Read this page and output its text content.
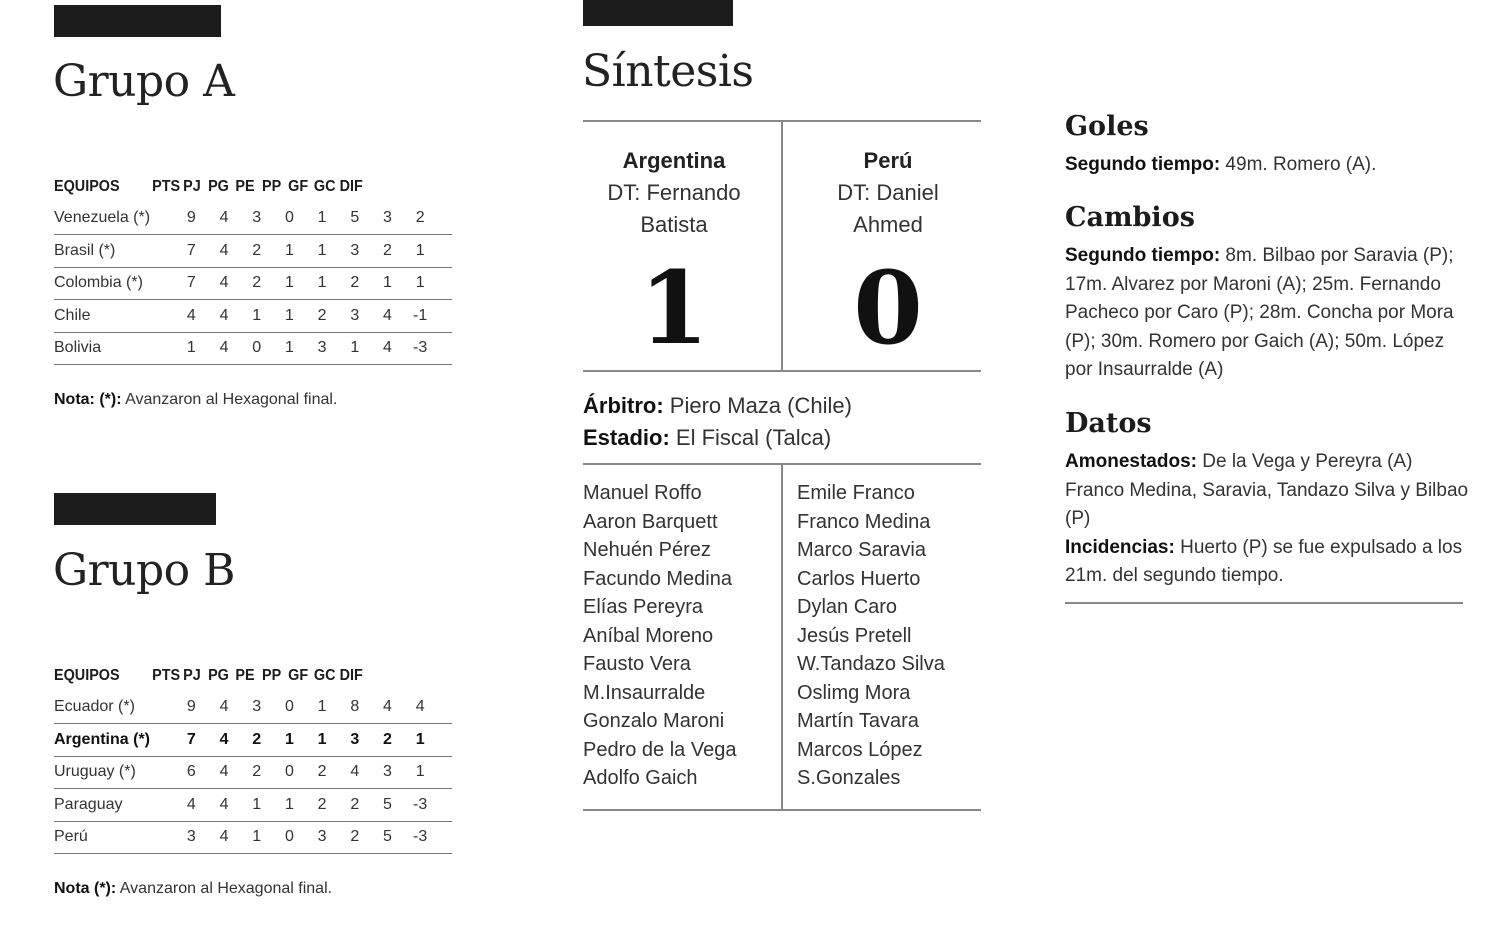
Grupo A
EQUIPOS	PTS PJ PG PE PP GF GC DIF
Venezuela (*)	9	4	3	0	1	5	3	2
Brasil (*)	7	4	2	1	1	3	2	1
Colombia (*)	7	4	2	1	1	2	1	1
Chile	4	4	1	1	2	3	4	-1
Bolivia	1	4	0	1	3	1	4	-3
Nota: (*): Avanzaron al Hexagonal final.
Grupo B
EQUIPOS	PTS PJ PG PE PP GF GC DIF
Ecuador (*)	9	4	3	0	1	8	4	4
Argentina (*)	7	4	2	1	1	3	2	1
Uruguay (*)	6	4	2	0	2	4	3	1
Paraguay	4	4	1	1	2	2	5	-3
Perú	3	4	1	0	3	2	5	-3
Nota (*): Avanzaron al Hexagonal final.
Síntesis
Argentina
DT: Fernando
Batista
1
Perú
DT: Daniel
Ahmed
0
Árbitro: Piero Maza (Chile)
Estadio: El Fiscal (Talca)
Manuel Roffo
Aaron Barquett
Nehuén Pérez
Facundo Medina
Elías Pereyra
Aníbal Moreno
Fausto Vera
M.Insaurralde
Gonzalo Maroni
Pedro de la Vega
Adolfo Gaich
Emile Franco
Franco Medina
Marco Saravia
Carlos Huerto
Dylan Caro
Jesús Pretell
W.Tandazo Silva
Oslimg Mora
Martín Tavara
Marcos López
S.Gonzales
Goles
Segundo tiempo: 49m. Romero (A).
Cambios
Segundo tiempo: 8m. Bilbao por Saravia (P); 17m. Alvarez por Maroni (A); 25m. Fernando Pacheco por Caro (P); 28m. Concha por Mora (P); 30m. Romero por Gaich (A); 50m. López por Insaurralde (A)
Datos
Amonestados: De la Vega y Pereyra (A) Franco Medina, Saravia, Tandazo Silva y Bilbao (P)
Incidencias: Huerto (P) se fue expulsado a los 21m. del segundo tiempo.
